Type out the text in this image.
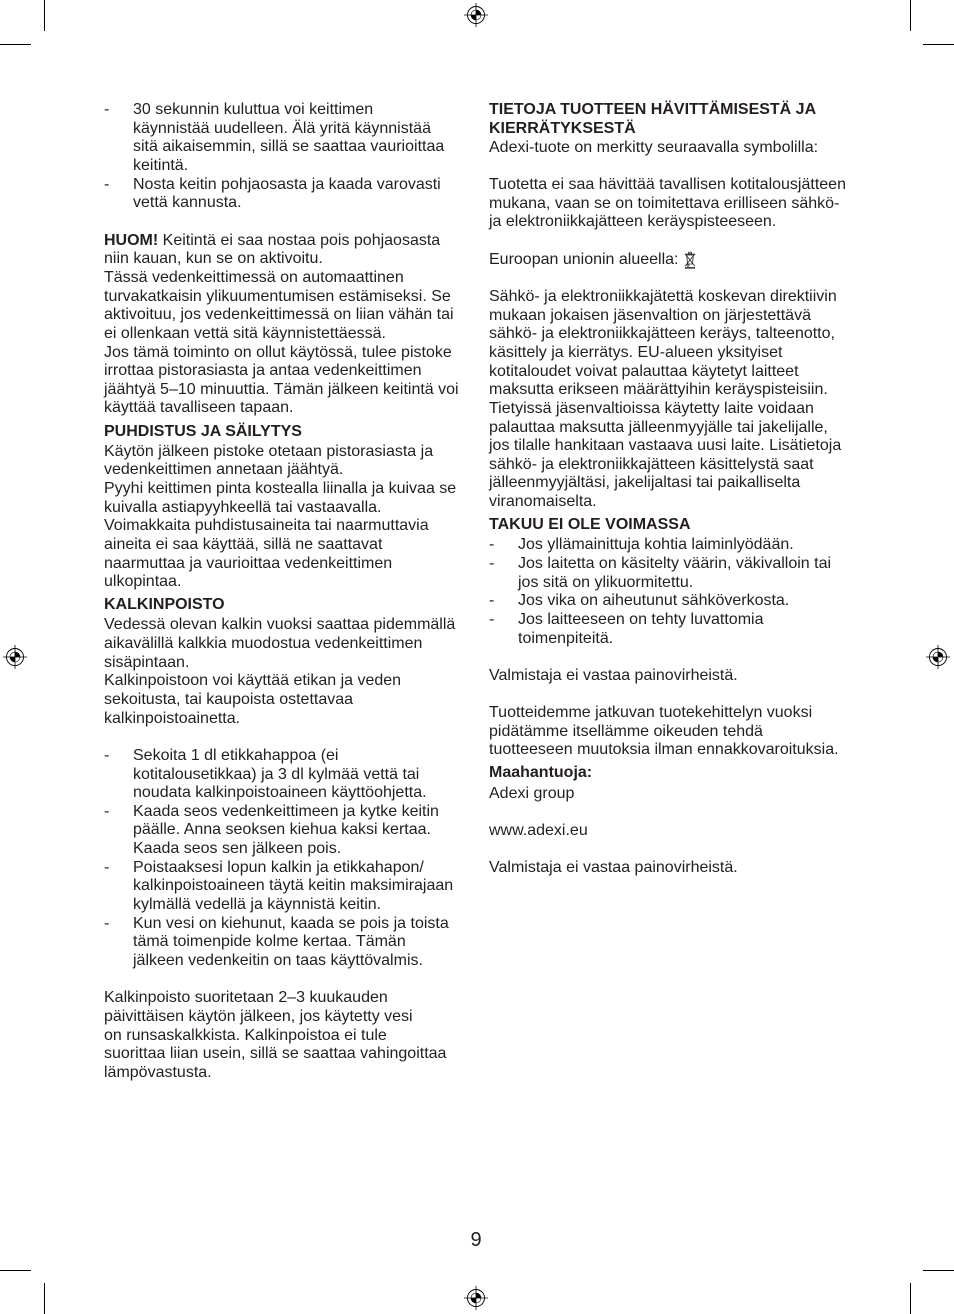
-	30 sekunnin kuluttua voi keittimen
käynnistää uudelleen. Älä yritä käynnistää
sitä aikaisemmin, sillä se saattaa vaurioittaa
keitintä.
-	Nosta keitin pohjaosasta ja kaada varovasti
vettä kannusta.

HUOM! Keitintä ei saa nostaa pois pohjaosasta
niin kauan, kun se on aktivoitu.

Tässä vedenkeittimessä on automaattinen
turvakatkaisin ylikuumentumisen estämiseksi. Se
aktivoituu, jos vedenkeittimessä on liian vähän tai
ei ollenkaan vettä sitä käynnistettäessä.

Jos tämä toiminto on ollut käytössä, tulee pistoke
irrottaa pistorasiasta ja antaa vedenkeittimen
jäähtyä 5–10 minuuttia. Tämän jälkeen keitintä voi
käyttää tavalliseen tapaan.

PUHDISTUS JA SÄILYTYS

Käytön jälkeen pistoke otetaan pistorasiasta ja
vedenkeittimen annetaan jäähtyä.

Pyyhi keittimen pinta kostealla liinalla ja kuivaa se
kuivalla astiapyyhkeellä tai vastaavalla.

Voimakkaita puhdistusaineita tai naarmuttavia
aineita ei saa käyttää, sillä ne saattavat
naarmuttaa ja vaurioittaa vedenkeittimen
ulkopintaa.

KALKINPOISTO

Vedessä olevan kalkin vuoksi saattaa pidemmällä
aikavälillä kalkkia muodostua vedenkeittimen
sisäpintaan.

Kalkinpoistoon voi käyttää etikan ja veden
sekoitusta, tai kaupoista ostettavaa
kalkinpoistoainetta.

-	Sekoita 1 dl etikkahappoa (ei
kotitalousetikkaa) ja 3 dl kylmää vettä tai
noudata kalkinpoistoaineen käyttöohjetta.
-	Kaada seos vedenkeittimeen ja kytke keitin
päälle. Anna seoksen kiehua kaksi kertaa.
Kaada seos sen jälkeen pois.
-	Poistaaksesi lopun kalkin ja etikkahapon/
kalkinpoistoaineen täytä keitin maksimirajaan
kylmällä vedellä ja käynnistä keitin.
-	Kun vesi on kiehunut, kaada se pois ja toista
tämä toimenpide kolme kertaa. Tämän
jälkeen vedenkeitin on taas käyttövalmis.

Kalkinpoisto suoritetaan 2–3 kuukauden
päivittäisen käytön jälkeen, jos käytetty vesi
on runsaskalkkista. Kalkinpoistoa ei tule
suorittaa liian usein, sillä se saattaa vahingoittaa
lämpövastusta.

TIETOJA TUOTTEEN HÄVITTÄMISESTÄ JA
KIERRÄTYKSESTÄ

Adexi-tuote on merkitty seuraavalla symbolilla:

Tuotetta ei saa hävittää tavallisen kotitalousjätteen
mukana, vaan se on toimitettava erilliseen sähkö-
ja elektroniikkajätteen keräyspisteeseen.

Euroopan unionin alueella:

Sähkö- ja elektroniikkajätettä koskevan direktiivin
mukaan jokaisen jäsenvaltion on järjestettävä
sähkö- ja elektroniikkajätteen keräys, talteenotto,
käsittely ja kierrätys. EU-alueen yksityiset
kotitaloudet voivat palauttaa käytetyt laitteet
maksutta erikseen määrättyihin keräyspisteisiin.
Tietyissä jäsenvaltioissa käytetty laite voidaan
palauttaa maksutta jälleenmyyjälle tai jakelijalle,
jos tilalle hankitaan vastaava uusi laite. Lisätietoja
sähkö- ja elektroniikkajätteen käsittelystä saat
jälleenmyyjältäsi, jakelijaltasi tai paikalliselta
viranomaiselta.

TAKUU EI OLE VOIMASSA
-	Jos yllämainittuja kohtia laiminlyödään.
-	Jos laitetta on käsitelty väärin, väkivalloin tai
jos sitä on ylikuormitettu.
-	Jos vika on aiheutunut sähköverkosta.
-	Jos laitteeseen on tehty luvattomia
toimenpiteitä.

Valmistaja ei vastaa painovirheistä.

Tuotteidemme jatkuvan tuotekehittelyn vuoksi
pidätämme itsellämme oikeuden tehdä
tuotteeseen muutoksia ilman ennakkovaroituksia.

Maahantuoja:

Adexi group

www.adexi.eu

Valmistaja ei vastaa painovirheistä.

9
